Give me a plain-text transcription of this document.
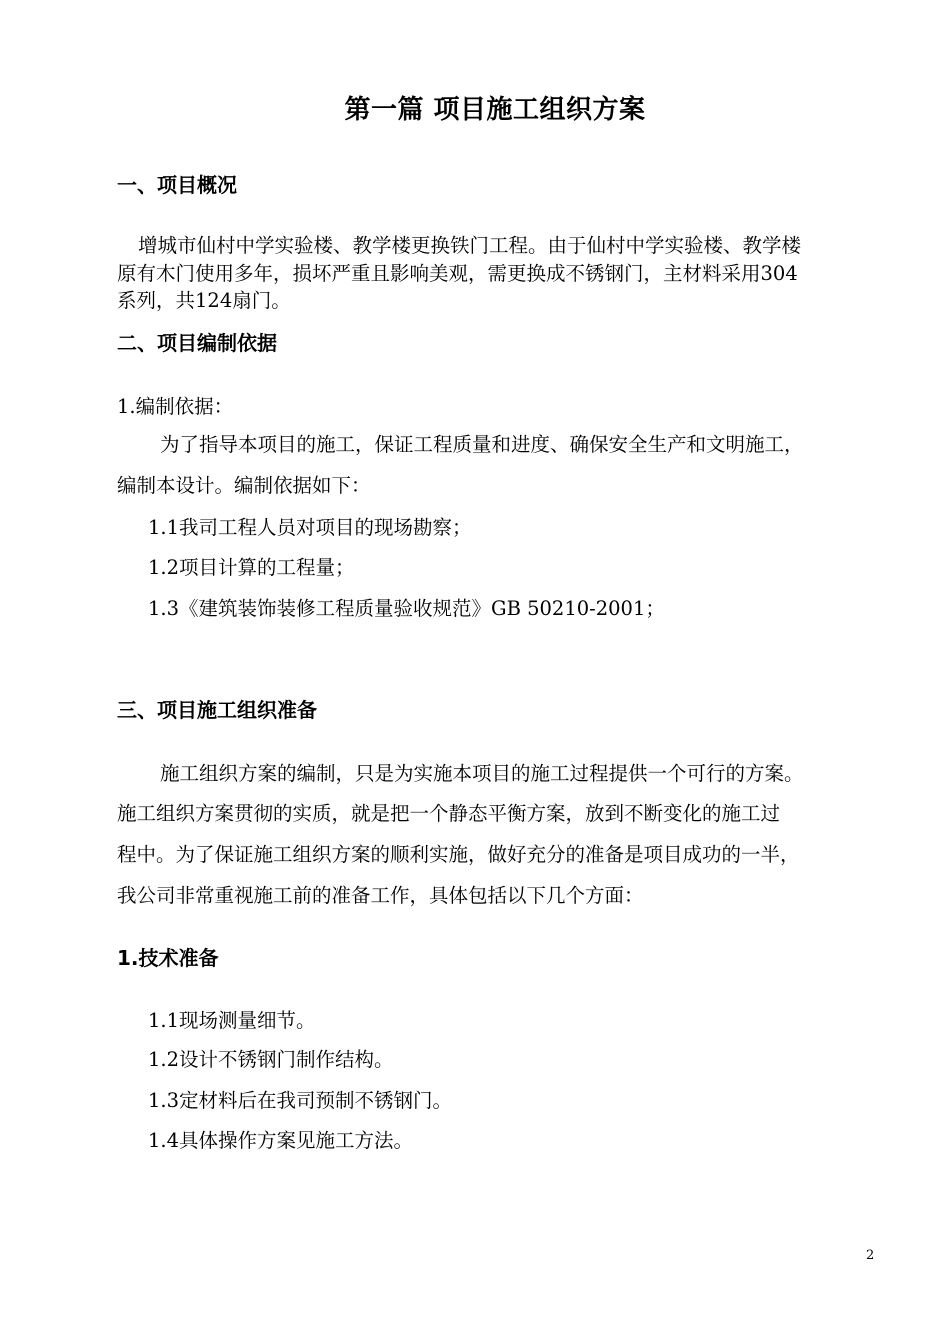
第一篇 项目施工组织方案
一、项目概况
增城市仙村中学实验楼、教学楼更换铁门工程。由于仙村中学实验楼、教学楼
原有木门使用多年，损坏严重且影响美观，需更换成不锈钢门，主材料采用304
系列，共124扇门。
二、项目编制依据
1.编制依据：
为了指导本项目的施工，保证工程质量和进度、确保安全生产和文明施工，
编制本设计。编制依据如下：
1.1我司工程人员对项目的现场勘察；
1.2项目计算的工程量；
1.3《建筑装饰装修工程质量验收规范》GB 50210-2001；
三、项目施工组织准备
施工组织方案的编制，只是为实施本项目的施工过程提供一个可行的方案。
施工组织方案贯彻的实质，就是把一个静态平衡方案，放到不断变化的施工过
程中。为了保证施工组织方案的顺利实施，做好充分的准备是项目成功的一半，
我公司非常重视施工前的准备工作，具体包括以下几个方面：
1.技术准备
1.1现场测量细节。
1.2设计不锈钢门制作结构。
1.3定材料后在我司预制不锈钢门。
1.4具体操作方案见施工方法。
2
